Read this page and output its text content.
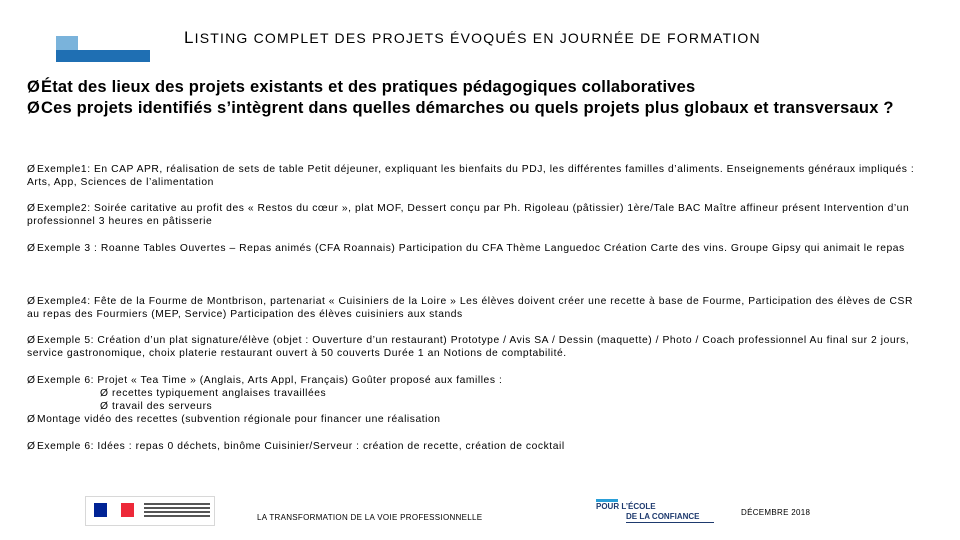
LISTING COMPLET DES PROJETS ÉVOQUÉS EN JOURNÉE DE FORMATION
ØÉtat des lieux des projets existants et des pratiques pédagogiques collaboratives
ØCes projets identifiés s’intègrent dans quelles démarches ou quels projets plus globaux et transversaux ?
ØExemple1: En CAP APR, réalisation de sets de table Petit déjeuner, expliquant les bienfaits du PDJ, les différentes familles d’aliments. Enseignements généraux impliqués : Arts, App, Sciences de l’alimentation
ØExemple2: Soirée caritative au profit des « Restos du cœur », plat MOF, Dessert conçu par Ph. Rigoleau (pâtissier) 1ère/Tale BAC Maître affineur présent Intervention d’un professionnel 3 heures en pâtisserie
ØExemple 3 : Roanne Tables Ouvertes – Repas animés (CFA Roannais) Participation du CFA Thème Languedoc Création Carte des vins. Groupe Gipsy qui animait le repas
ØExemple4: Fête de la Fourme de Montbrison, partenariat « Cuisiniers de la Loire » Les élèves doivent créer une recette à base de Fourme, Participation des élèves de CSR au repas des Fourmiers (MEP, Service) Participation des élèves cuisiniers aux stands
ØExemple 5: Création d’un plat signature/élève (objet : Ouverture d’un restaurant) Prototype / Avis SA / Dessin (maquette) / Photo / Coach professionnel Au final sur 2 jours, service gastronomique, choix platerie restaurant ouvert à 50 couverts Durée 1 an Notions de comptabilité.
ØExemple 6: Projet « Tea Time » (Anglais, Arts Appl, Français) Goûter proposé aux familles :
Ø recettes typiquement anglaises travaillées
Ø travail des serveurs
ØMontage vidéo des recettes (subvention régionale pour financer une réalisation
ØExemple 6: Idées : repas 0 déchets, binôme Cuisinier/Serveur : création de recette, création de cocktail
LA TRANSFORMATION DE LA VOIE PROFESSIONNELLE
POUR L’ÉCOLE
DE LA CONFIANCE	DÉCEMBRE 2018
